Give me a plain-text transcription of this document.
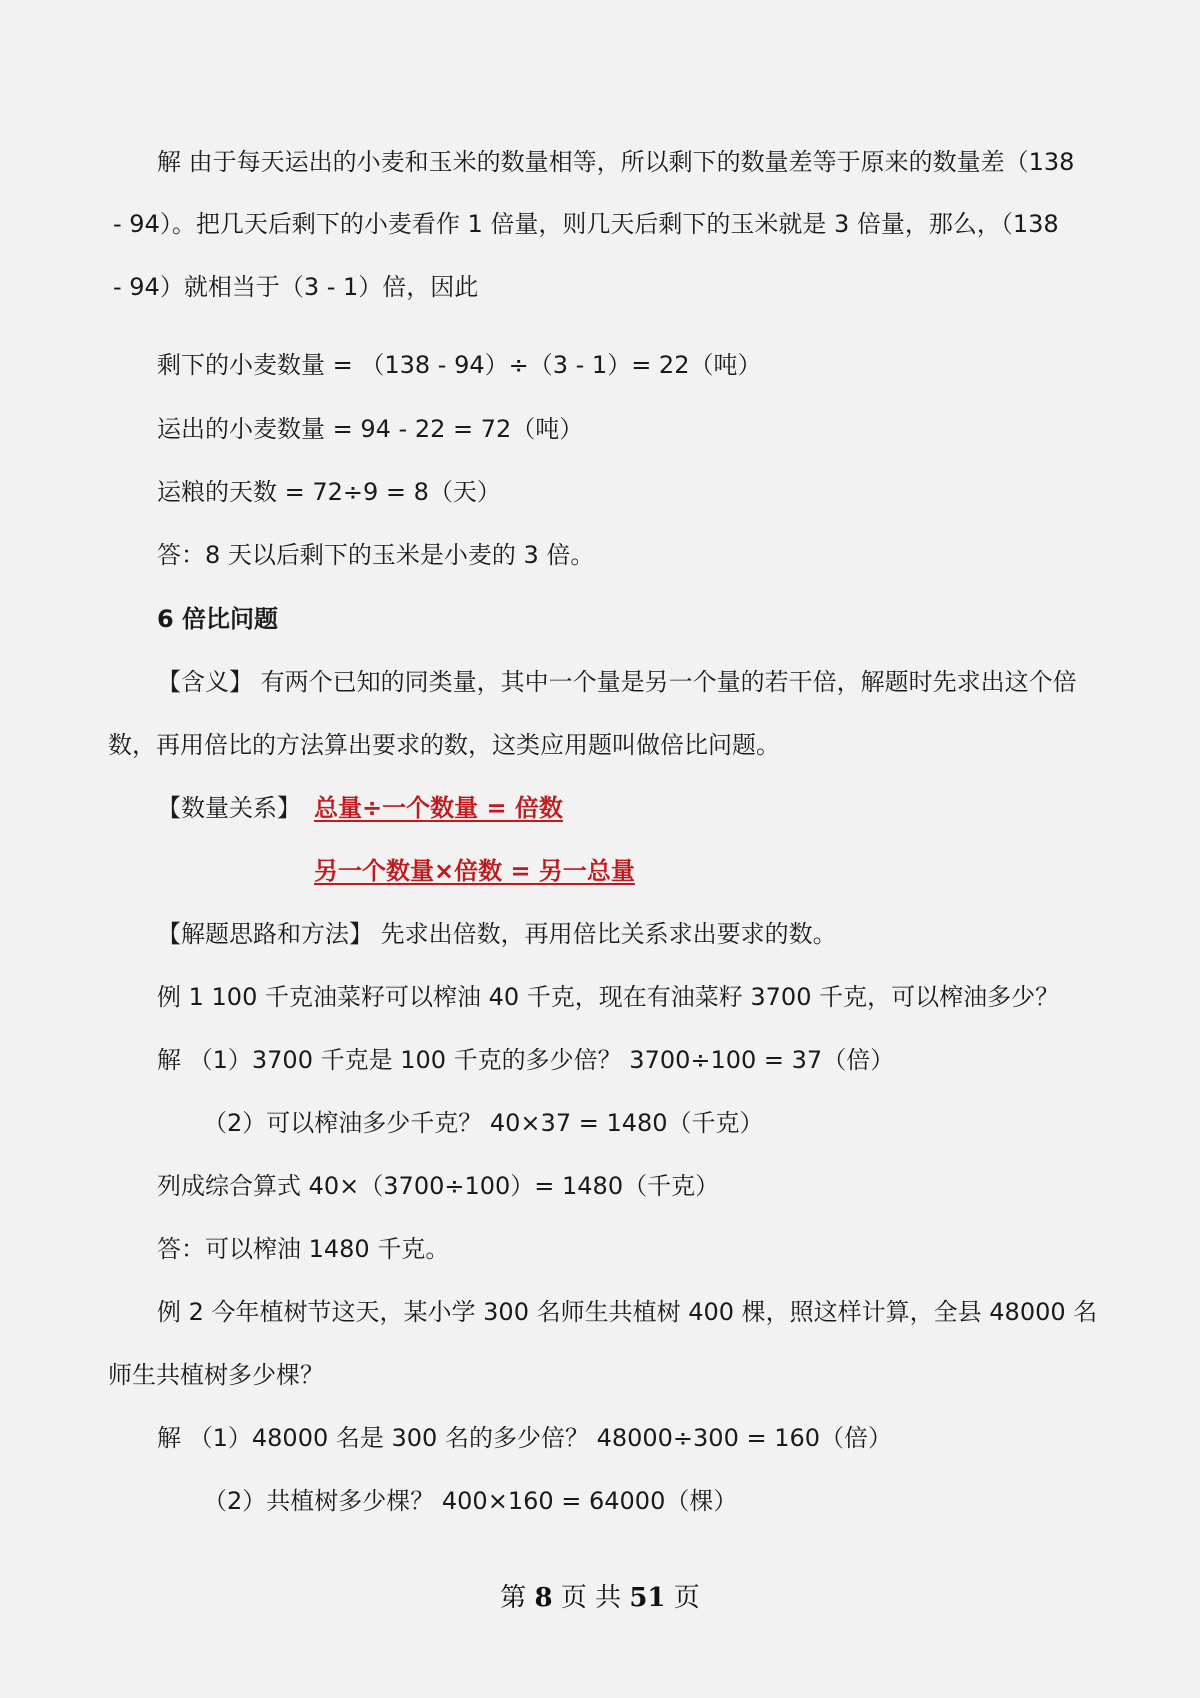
解 由于每天运出的小麦和玉米的数量相等，所以剩下的数量差等于原来的数量差（138
- 94）。把几天后剩下的小麦看作 1 倍量，则几天后剩下的玉米就是 3 倍量，那么，（138
- 94）就相当于（3 - 1）倍，因此
剩下的小麦数量 = （138 - 94）÷（3 - 1）= 22（吨）
运出的小麦数量 = 94 - 22 = 72（吨）
运粮的天数 = 72÷9 = 8（天）
答：8 天以后剩下的玉米是小麦的 3 倍。
6 倍比问题
【含义】 有两个已知的同类量，其中一个量是另一个量的若干倍，解题时先求出这个倍
数，再用倍比的方法算出要求的数，这类应用题叫做倍比问题。
【数量关系】 总量÷一个数量 = 倍数
另一个数量×倍数 = 另一总量
【解题思路和方法】 先求出倍数，再用倍比关系求出要求的数。
例 1 100 千克油菜籽可以榨油 40 千克，现在有油菜籽 3700 千克，可以榨油多少？
解 （1）3700 千克是 100 千克的多少倍？ 3700÷100 = 37（倍）
（2）可以榨油多少千克？ 40×37 = 1480（千克）
列成综合算式 40×（3700÷100）= 1480（千克）
答：可以榨油 1480 千克。
例 2 今年植树节这天，某小学 300 名师生共植树 400 棵，照这样计算，全县 48000 名
师生共植树多少棵？
解 （1）48000 名是 300 名的多少倍？ 48000÷300 = 160（倍）
（2）共植树多少棵？ 400×160 = 64000（棵）
第 8 页 共 51 页
